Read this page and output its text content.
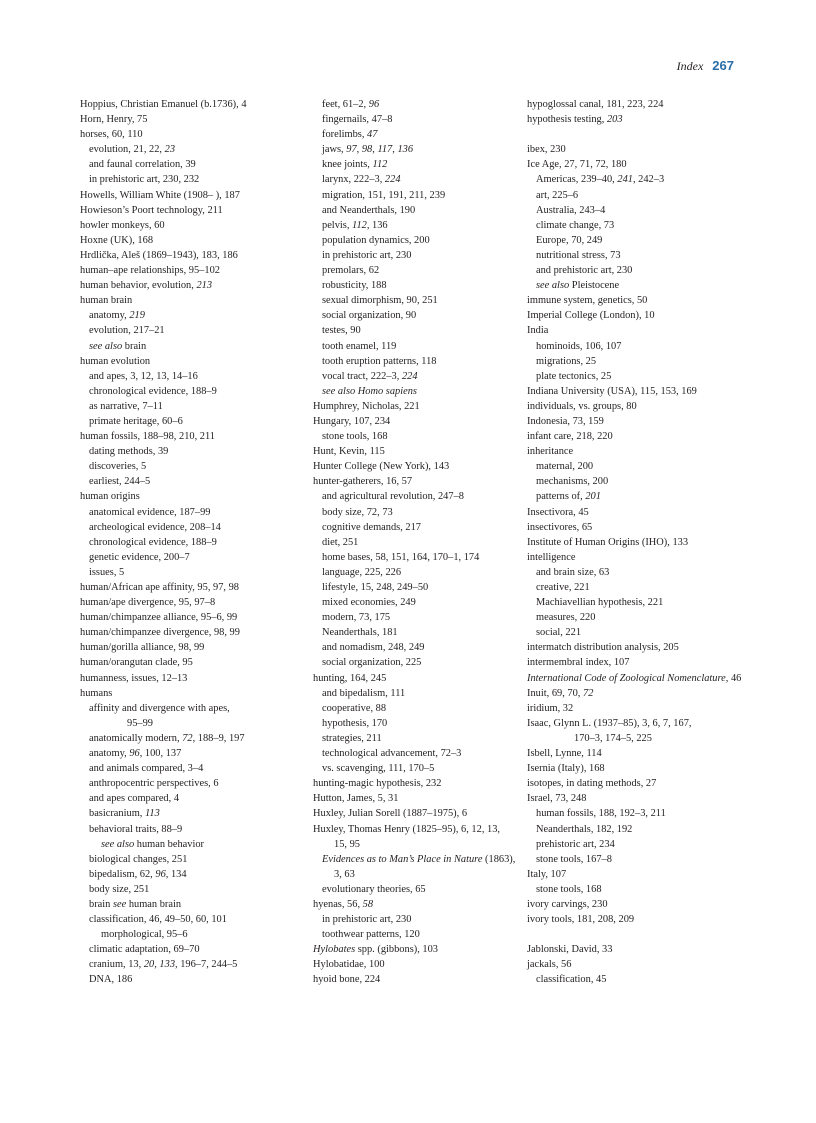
Index 267
Hoppius, Christian Emanuel (b.1736), 4
Horn, Henry, 75
horses, 60, 110
evolution, 21, 22, 23
and faunal correlation, 39
in prehistoric art, 230, 232
Howells, William White (1908– ), 187
Howieson’s Poort technology, 211
howler monkeys, 60
Hoxne (UK), 168
Hrdlička, Aleš (1869–1943), 183, 186
human–ape relationships, 95–102
human behavior, evolution, 213
human brain
anatomy, 219
evolution, 217–21
see also brain
human evolution
and apes, 3, 12, 13, 14–16
chronological evidence, 188–9
as narrative, 7–11
primate heritage, 60–6
human fossils, 188–98, 210, 211
dating methods, 39
discoveries, 5
earliest, 244–5
human origins
anatomical evidence, 187–99
archeological evidence, 208–14
chronological evidence, 188–9
genetic evidence, 200–7
issues, 5
human/African ape affinity, 95, 97, 98
human/ape divergence, 95, 97–8
human/chimpanzee alliance, 95–6, 99
human/chimpanzee divergence, 98, 99
human/gorilla alliance, 98, 99
human/orangutan clade, 95
humanness, issues, 12–13
humans
affinity and divergence with apes,
95–99
anatomically modern, 72, 188–9, 197
anatomy, 96, 100, 137
and animals compared, 3–4
anthropocentric perspectives, 6
and apes compared, 4
basicranium, 113
behavioral traits, 88–9
see also human behavior
biological changes, 251
bipedalism, 62, 96, 134
body size, 251
brain see human brain
classification, 46, 49–50, 60, 101
morphological, 95–6
climatic adaptation, 69–70
cranium, 13, 20, 133, 196–7, 244–5
DNA, 186
feet, 61–2, 96
fingernails, 47–8
forelimbs, 47
jaws, 97, 98, 117, 136
knee joints, 112
larynx, 222–3, 224
migration, 151, 191, 211, 239
and Neanderthals, 190
pelvis, 112, 136
population dynamics, 200
in prehistoric art, 230
premolars, 62
robusticity, 188
sexual dimorphism, 90, 251
social organization, 90
testes, 90
tooth enamel, 119
tooth eruption patterns, 118
vocal tract, 222–3, 224
see also Homo sapiens
Humphrey, Nicholas, 221
Hungary, 107, 234
stone tools, 168
Hunt, Kevin, 115
Hunter College (New York), 143
hunter-gatherers, 16, 57
and agricultural revolution, 247–8
body size, 72, 73
cognitive demands, 217
diet, 251
home bases, 58, 151, 164, 170–1, 174
language, 225, 226
lifestyle, 15, 248, 249–50
mixed economies, 249
modern, 73, 175
Neanderthals, 181
and nomadism, 248, 249
social organization, 225
hunting, 164, 245
and bipedalism, 111
cooperative, 88
hypothesis, 170
strategies, 211
technological advancement, 72–3
vs. scavenging, 111, 170–5
hunting-magic hypothesis, 232
Hutton, James, 5, 31
Huxley, Julian Sorell (1887–1975), 6
Huxley, Thomas Henry (1825–95), 6, 12, 13,
15, 95
Evidences as to Man’s Place in Nature (1863),
3, 63
evolutionary theories, 65
hyenas, 56, 58
in prehistoric art, 230
toothwear patterns, 120
Hylobates spp. (gibbons), 103
Hylobatidae, 100
hyoid bone, 224
hypoglossal canal, 181, 223, 224
hypothesis testing, 203
ibex, 230
Ice Age, 27, 71, 72, 180
Americas, 239–40, 241, 242–3
art, 225–6
Australia, 243–4
climate change, 73
Europe, 70, 249
nutritional stress, 73
and prehistoric art, 230
see also Pleistocene
immune system, genetics, 50
Imperial College (London), 10
India
hominoids, 106, 107
migrations, 25
plate tectonics, 25
Indiana University (USA), 115, 153, 169
individuals, vs. groups, 80
Indonesia, 73, 159
infant care, 218, 220
inheritance
maternal, 200
mechanisms, 200
patterns of, 201
Insectivora, 45
insectivores, 65
Institute of Human Origins (IHO), 133
intelligence
and brain size, 63
creative, 221
Machiavellian hypothesis, 221
measures, 220
social, 221
intermatch distribution analysis, 205
intermembral index, 107
International Code of Zoological Nomenclature, 46
Inuit, 69, 70, 72
iridium, 32
Isaac, Glynn L. (1937–85), 3, 6, 7, 167,
170–3, 174–5, 225
Isbell, Lynne, 114
Isernia (Italy), 168
isotopes, in dating methods, 27
Israel, 73, 248
human fossils, 188, 192–3, 211
Neanderthals, 182, 192
prehistoric art, 234
stone tools, 167–8
Italy, 107
stone tools, 168
ivory carvings, 230
ivory tools, 181, 208, 209
Jablonski, David, 33
jackals, 56
classification, 45
